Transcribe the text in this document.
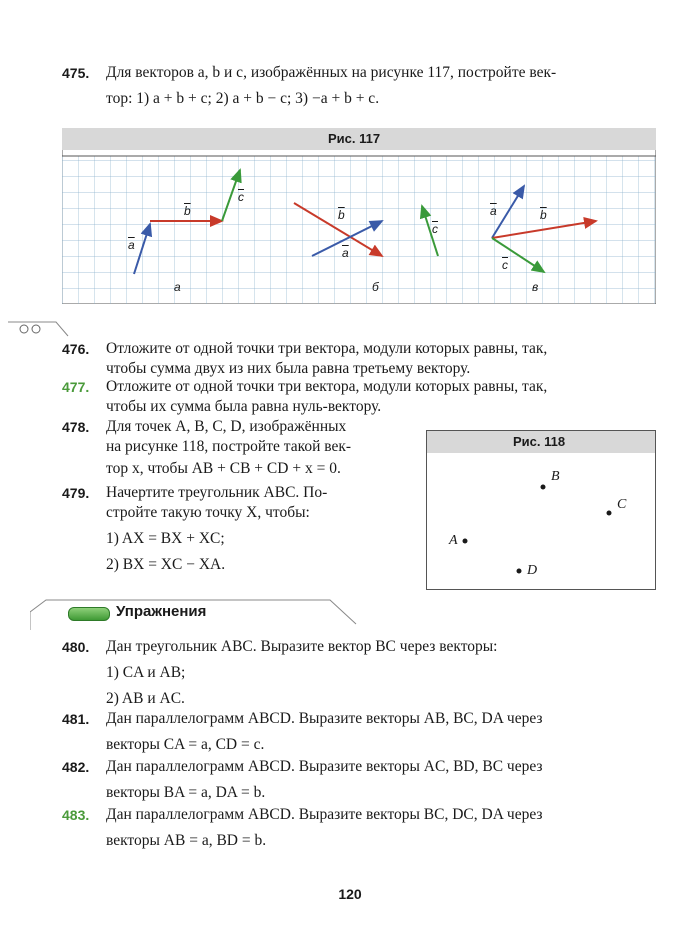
475. Для векторов a, b и c, изображённых на рисунке 117, постройте век-
тор: 1) a + b + c; 2) a + b − c; 3) −a + b + c.
Рис. 117
$\overline{a}$
$\overline{b}$
$\overline{c}$
$\overline{b}$
$\overline{a}$
$\overline{c}$
$\overline{a}$	$\overline{b}$
$\overline{c}$
а	б	в
476. Отложите от одной точки три вектора, модули которых равны, так,
чтобы сумма двух из них была равна третьему вектору.
477. Отложите от одной точки три вектора, модули которых равны, так,
чтобы их сумма была равна нуль-вектору.
478. Для точек A, B, C, D, изображённых
на рисунке 118, постройте такой век-
тор x, чтобы AB + CB + CD + x = 0.
479. Начертите треугольник ABC. По-
стройте такую точку X, чтобы:
1) AX = BX + XC;
2) BX = XC − XA.
Рис. 118
A
B
C
D
Упражнения
480. Дан треугольник ABC. Выразите вектор BC через векторы:
1) CA и AB;
2) AB и AC.
481. Дан параллелограмм ABCD. Выразите векторы AB, BC, DA через
векторы CA = a, CD = c.
482. Дан параллелограмм ABCD. Выразите векторы AC, BD, BC через
векторы BA = a, DA = b.
483. Дан параллелограмм ABCD. Выразите векторы BC, DC, DA через
векторы AB = a, BD = b.
120
